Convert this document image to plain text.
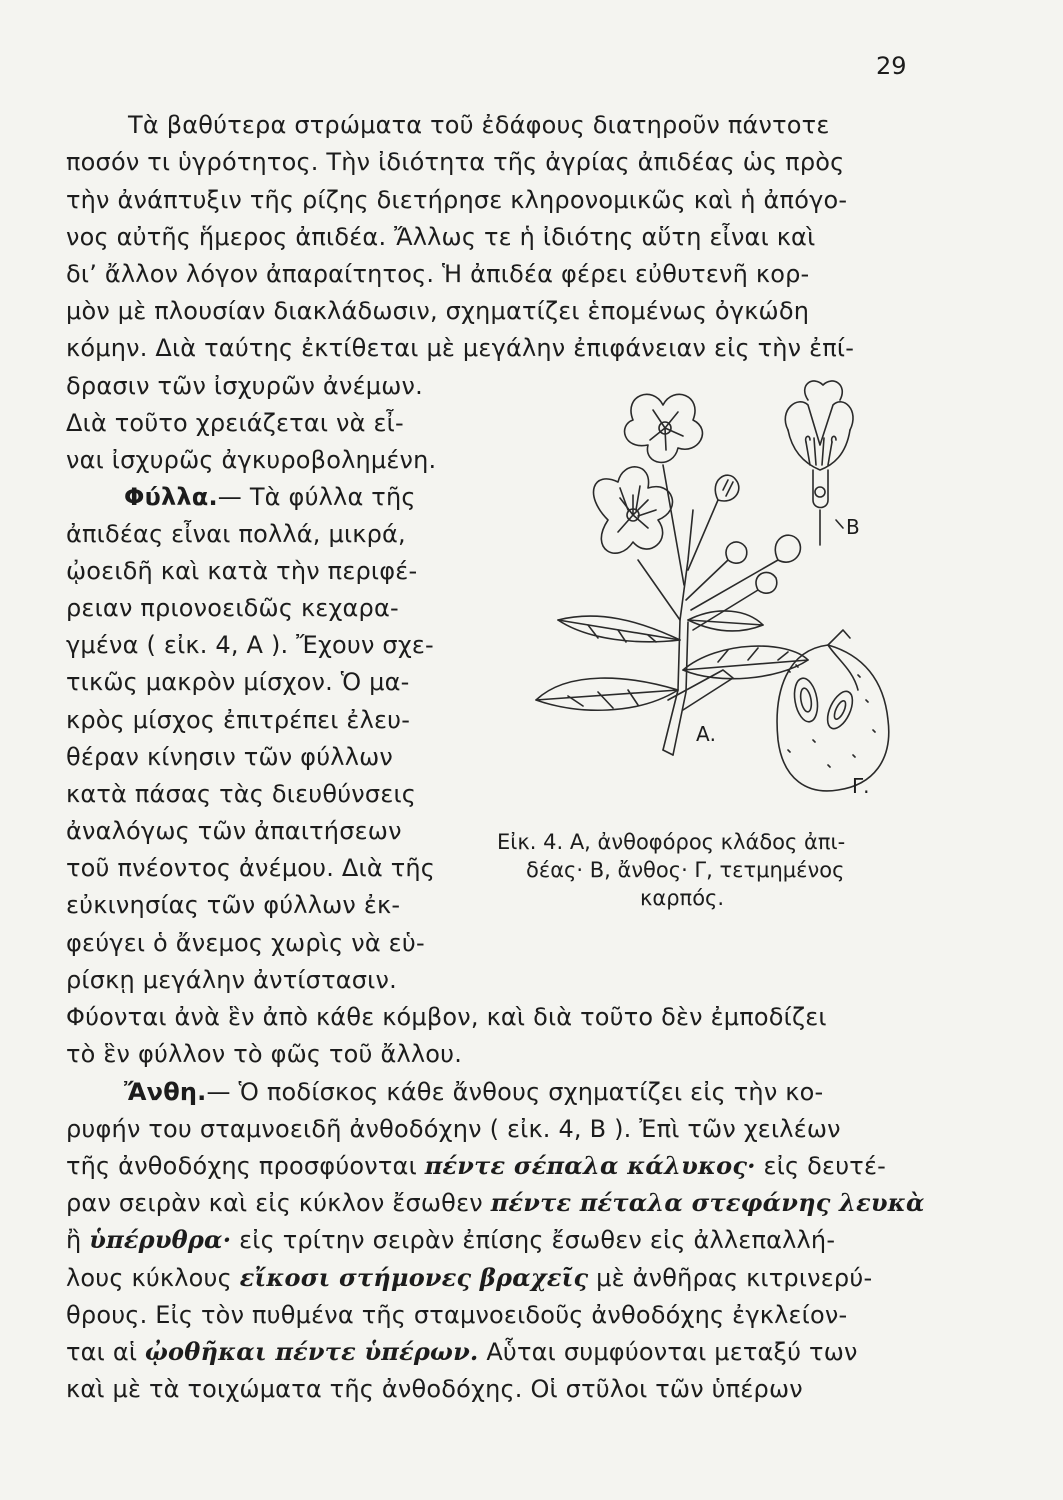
29
Τὰ βαθύτερα στρώματα τοῦ ἐδάφους διατηροῦν πάντοτε
ποσόν τι ὑγρότητος. Τὴν ἰδιότητα τῆς ἀγρίας ἀπιδέας ὡς πρὸς
τὴν ἀνάπτυξιν τῆς ρίζης διετήρησε κληρονομικῶς καὶ ἡ ἀπόγο-
νος αὐτῆς ἥμερος ἀπιδέα. Ἄλλως τε ἡ ἰδιότης αὕτη εἶναι καὶ
δι’ ἄλλον λόγον ἀπαραίτητος. Ἡ ἀπιδέα φέρει εὐθυτενῆ κορ-
μὸν μὲ πλουσίαν διακλάδωσιν, σχηματίζει ἑπομένως ὀγκώδη
κόμην. Διὰ ταύτης ἐκτίθεται μὲ μεγάλην ἐπιφάνειαν εἰς τὴν ἐπί-
δρασιν τῶν ἰσχυρῶν ἀνέμων.
Διὰ τοῦτο χρειάζεται νὰ εἶ-
ναι ἰσχυρῶς ἀγκυροβολημένη.
Φύλλα.— Τὰ φύλλα τῆς
ἀπιδέας εἶναι πολλά, μικρά,
ᾠοειδῆ καὶ κατὰ τὴν περιφέ-
ρειαν πριονοειδῶς κεχαρα-
γμένα ( εἰκ. 4, Α ). Ἔχουν σχε-
τικῶς μακρὸν μίσχον. Ὁ μα-
κρὸς μίσχος ἐπιτρέπει ἐλευ-
θέραν κίνησιν τῶν φύλλων
κατὰ πάσας τὰς διευθύνσεις
ἀναλόγως τῶν ἀπαιτήσεων
τοῦ πνέοντος ἀνέμου. Διὰ τῆς
εὐκινησίας τῶν φύλλων ἐκ-
φεύγει ὁ ἄνεμος χωρὶς νὰ εὑ-
ρίσκῃ μεγάλην ἀντίστασιν.
Φύονται ἀνὰ ἓν ἀπὸ κάθε κόμβον, καὶ διὰ τοῦτο δὲν ἐμποδίζει
τὸ ἓν φύλλον τὸ φῶς τοῦ ἄλλου.
Ἄνθη.— Ὁ ποδίσκος κάθε ἄνθους σχηματίζει εἰς τὴν κο-
ρυφήν του σταμνοειδῆ ἀνθοδόχην ( εἰκ. 4, Β ). Ἐπὶ τῶν χειλέων
τῆς ἀνθοδόχης προσφύονται πέντε σέπαλα κάλυκος· εἰς δευτέ-
ραν σειρὰν καὶ εἰς κύκλον ἔσωθεν πέντε πέταλα στεφάνης λευκὰ
ἢ ὑπέρυθρα· εἰς τρίτην σειρὰν ἐπίσης ἔσωθεν εἰς ἀλλεπαλλή-
λους κύκλους εἴκοσι στήμονες βραχεῖς μὲ ἀνθῆρας κιτρινερύ-
θρους. Εἰς τὸν πυθμένα τῆς σταμνοειδοῦς ἀνθοδόχης ἐγκλείον-
ται αἱ ᾠοθῆκαι πέντε ὑπέρων. Αὗται συμφύονται μεταξύ των
καὶ μὲ τὰ τοιχώματα τῆς ἀνθοδόχης. Οἱ στῦλοι τῶν ὑπέρων
Α.
Β
Γ.
Εἰκ. 4. Α, ἀνθοφόρος κλάδος ἀπι-
δέας· Β, ἄνθος· Γ, τετμημένος
καρπός.
